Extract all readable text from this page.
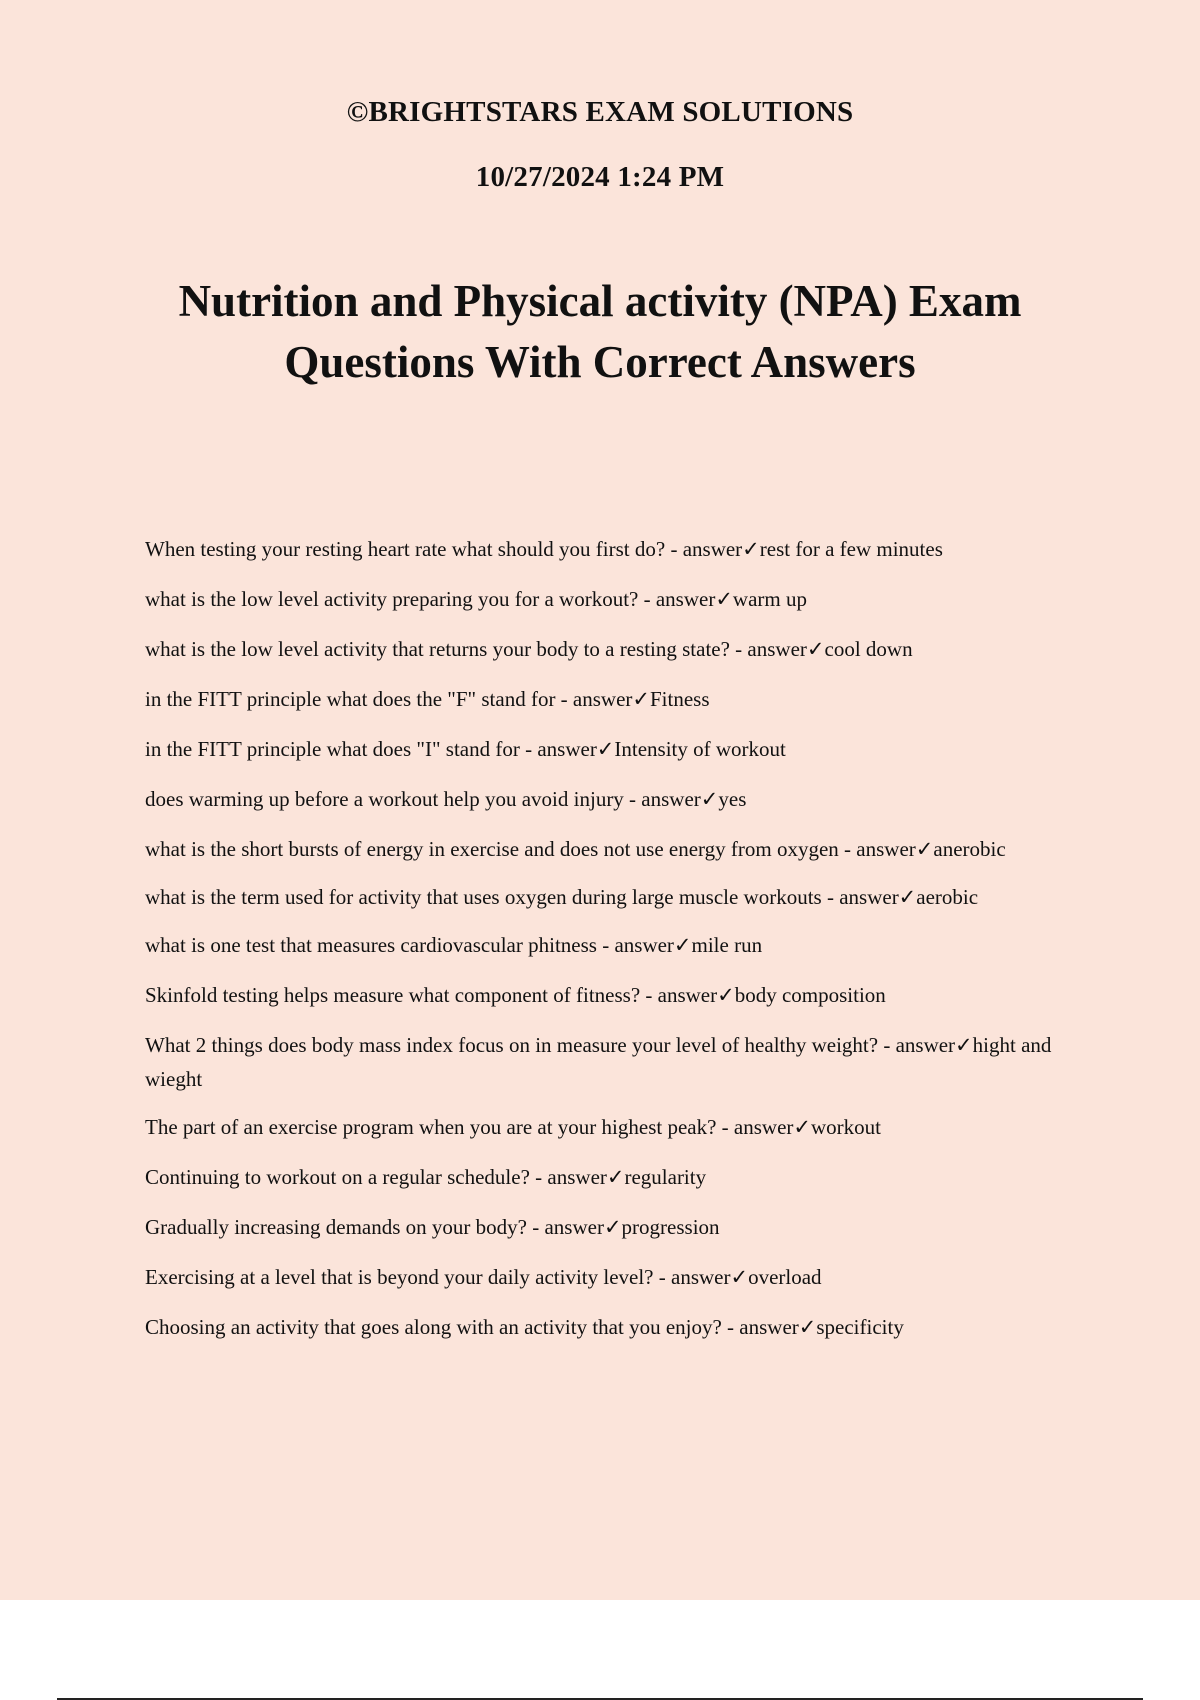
©BRIGHTSTARS EXAM SOLUTIONS
10/27/2024 1:24 PM
Nutrition and Physical activity (NPA) Exam Questions With Correct Answers
When testing your resting heart rate what should you first do? - answer✓rest for a few minutes
what is the low level activity preparing you for a workout? - answer✓warm up
what is the low level activity that returns your body to a resting state? - answer✓cool down
in the FITT principle what does the "F" stand for - answer✓Fitness
in the FITT principle what does "I" stand for - answer✓Intensity of workout
does warming up before a workout help you avoid injury - answer✓yes
what is the short bursts of energy in exercise and does not use energy from oxygen - answer✓anerobic
what is the term used for activity that uses oxygen during large muscle workouts - answer✓aerobic
what is one test that measures cardiovascular phitness - answer✓mile run
Skinfold testing helps measure what component of fitness? - answer✓body composition
What 2 things does body mass index focus on in measure your level of healthy weight? - answer✓hight and wieght
The part of an exercise program when you are at your highest peak? - answer✓workout
Continuing to workout on a regular schedule? - answer✓regularity
Gradually increasing demands on your body? - answer✓progression
Exercising at a level that is beyond your daily activity level? - answer✓overload
Choosing an activity that goes along with an activity that you enjoy? - answer✓specificity
